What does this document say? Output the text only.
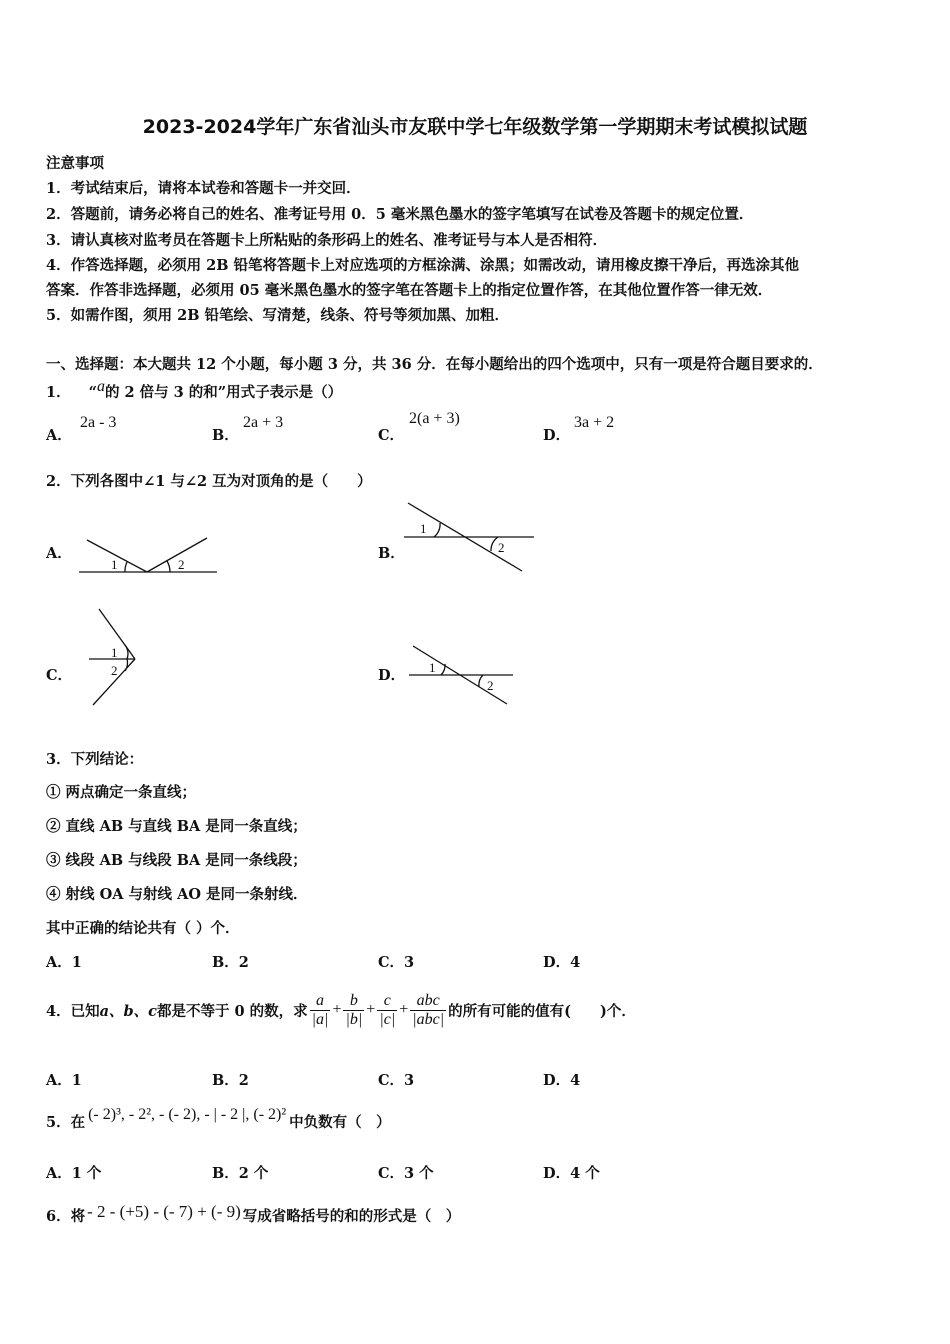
2023-2024学年广东省汕头市友联中学七年级数学第一学期期末考试模拟试题
注意事项
1．考试结束后，请将本试卷和答题卡一并交回．
2．答题前，请务必将自己的姓名、准考证号用 0．5 毫米黑色墨水的签字笔填写在试卷及答题卡的规定位置．
3．请认真核对监考员在答题卡上所粘贴的条形码上的姓名、准考证号与本人是否相符．
4．作答选择题，必须用 2B 铅笔将答题卡上对应选项的方框涂满、涂黑；如需改动，请用橡皮擦干净后，再选涂其他
答案．作答非选择题，必须用 05 毫米黑色墨水的签字笔在答题卡上的指定位置作答，在其他位置作答一律无效．
5．如需作图，须用 2B 铅笔绘、写清楚，线条、符号等须加黑、加粗．
一、选择题：本大题共 12 个小题，每小题 3 分，共 36 分．在每小题给出的四个选项中，只有一项是符合题目要求的．
1． “$^a$的 2 倍与 3 的和”用式子表示是（）
A．
2a - 3
B．
2a + 3
C．
2(a + 3)
D．
3a + 2
2．下列各图中∠1 与∠2 互为对顶角的是（　　）
A．
1	2
B．
1
2
C．
1
2	D． 1
2
3．下列结论：
① 两点确定一条直线；
② 直线 AB 与直线 BA 是同一条直线；
③ 线段 AB 与线段 BA 是同一条线段；
④ 射线 OA 与射线 AO 是同一条射线．
其中正确的结论共有（ ）个．
A．1	B．2	C．3	D．4
4．已知 a、b、c 都是不等于 0 的数，求 $\frac{a}{|a|} + \frac{b}{|b|} + \frac{c}{|c|} + \frac{\text{abc}}{\text{|abc|}}$ 的所有可能的值有(　　)个．
A．1	B．2	C．3	D．4
5．在 (- 2)³, - 2², - (- 2), - | - 2 |, (- 2)² 中负数有（　）
A．1 个	B．2 个	C．3 个	D．4 个
6．将 - 2 - (+5) - (- 7) + (- 9) 写成省略括号的和的形式是（　）
